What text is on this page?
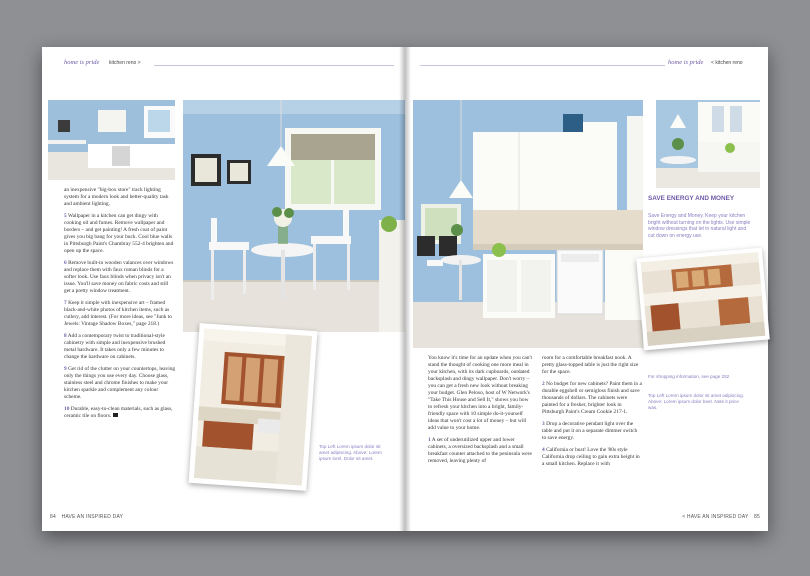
home is pride kitchen reno >	home is pride < kitchen reno

an inexpensive "big-box store" track lighting system for a modern look and better-quality task and ambient lighting.

5 Wallpaper in a kitchen can get dingy with cooking oil and fumes. Remove wallpaper and borders – and get painting! A fresh coat of paint gives you big bang for your buck. Cool blue walls in Pittsburgh Paint's Chambray 552-4 brighten and open up the space.

6 Remove built-in wooden valances over windows and replace them with faux roman blinds for a softer look. Use faux blinds when privacy isn't an issue. You'll save money on fabric costs and still get a pretty window treatment.

7 Keep it simple with inexpensive art – framed black-and-white photos of kitchen items, such as cutlery, add interest. (For more ideas, see "Junk to Jewels: Vintage Shadow Boxes," page 218.)

8 Add a contemporary twist to traditional-style cabinetry with simple and inexpensive brushed metal hardware. It takes only a few minutes to change the hardware on cabinets.

9 Get rid of the clutter on your countertops, leaving only the things you use every day. Choose glass, stainless steel and chrome finishes to make your kitchen sparkle and complement any colour scheme.

10 Durable, easy-to-clean materials, such as glass, ceramic tile on floors.

Top Left Lorem ipsum dolor sit amet adipiscing. Above: Lorem ipsum lorel. Dolor sit amet.
84 HAVE AN INSPIRED DAY
SAVE ENERGY AND MONEY
Save Energy and Money. Keep your kitchen bright without turning on the lights. Use simple window dressings that let in natural light and cut down on energy use.
For shopping information, see page 252
Top Left Lorem ipsum dolor sit amet adipiscing. Above: Lorem ipsum dolor beet. Note it price was.

You know it's time for an update when you can't stand the thought of cooking one more meal in your kitchen, with its dark cupboards, outdated backsplash and dingy wallpaper. Don't worry – you can get a fresh new look without breaking your budget. Glen Peloso, host of W Network's "Take This House and Sell It," shows you how to refresh your kitchen into a bright, family-friendly space with 10 simple do-it-yourself ideas that won't cost a lot of money – but will add value to your home.

1 A set of underutilized upper and lower cabinets, a oversized backsplash and a small breakfast counter attached to the peninsula were removed, leaving plenty of

room for a comfortable breakfast nook. A pretty glass-topped table is just the right size for the space.

2 No budget for new cabinets? Paint them in a durable eggshell or semigloss finish and save thousands of dollars. The cabinets were painted for a fresher, brighter look in Pittsburgh Paint's Cream Cookie 217-1.

3 Drop a decorative pendant light over the table and put it on a separate dimmer switch to save energy.

4 California or bust! Love the '80s style California drop ceiling to gain extra height in a small kitchen. Replace it with

< HAVE AN INSPIRED DAY 85
